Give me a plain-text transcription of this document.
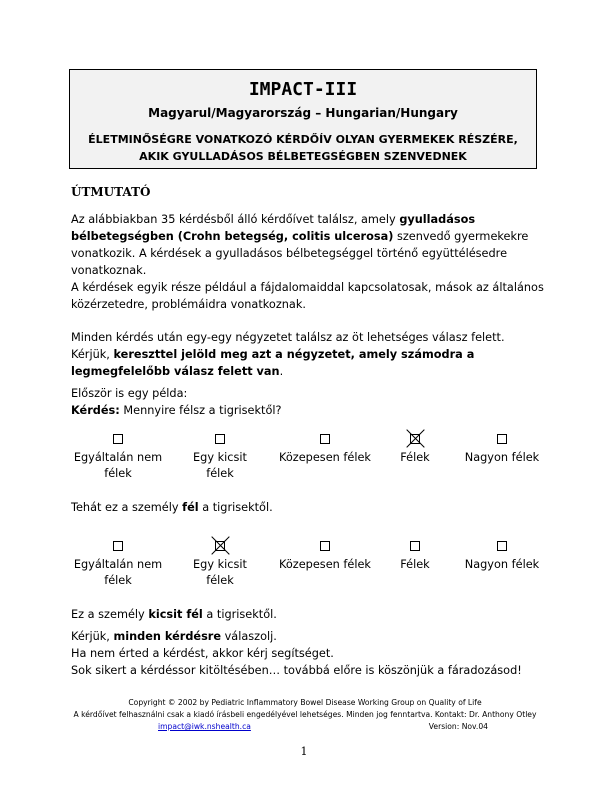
IMPACT-III
Magyarul/Magyarország – Hungarian/Hungary
ÉLETMINŐSÉGRE VONATKOZÓ KÉRDŐÍV OLYAN GYERMEKEK RÉSZÉRE,
AKIK GYULLADÁSOS BÉLBETEGSÉGBEN SZENVEDNEK
ÚTMUTATÓ
Az alábbiakban 35 kérdésből álló kérdőívet találsz, amely gyulladásos bélbetegségben (Crohn betegség, colitis ulcerosa) szenvedő gyermekekre vonatkozik. A kérdések a gyulladásos bélbetegséggel történő együttélésedre vonatkoznak.
A kérdések egyik része például a fájdalomaiddal kapcsolatosak, mások az általános közérzetedre, problémáidra vonatkoznak.
Minden kérdés után egy-egy négyzetet találsz az öt lehetséges válasz felett.
Kérjük, kereszttel jelöld meg azt a négyzetet, amely számodra a legmegfelelőbb válasz felett van.
Először is egy példa:
Kérdés: Mennyire félsz a tigrisektől?
Egyáltalán nem
félek
Egy kicsit
félek
Közepesen félek	Félek	Nagyon félek
Tehát ez a személy fél a tigrisektől.
Egyáltalán nem
félek
Egy kicsit
félek
Közepesen félek	Félek	Nagyon félek
Ez a személy kicsit fél a tigrisektől.
Kérjük, minden kérdésre válaszolj.
Ha nem érted a kérdést, akkor kérj segítséget.
Sok sikert a kérdéssor kitöltésében… továbbá előre is köszönjük a fáradozásod!
Copyright © 2002 by Pediatric Inflammatory Bowel Disease Working Group on Quality of Life
A kérdőívet felhasználni csak a kiadó írásbeli engedélyével lehetséges. Minden jog fenntartva. Kontakt: Dr. Anthony Otley
impact@iwk.nshealth.ca	Version: Nov.04
1
